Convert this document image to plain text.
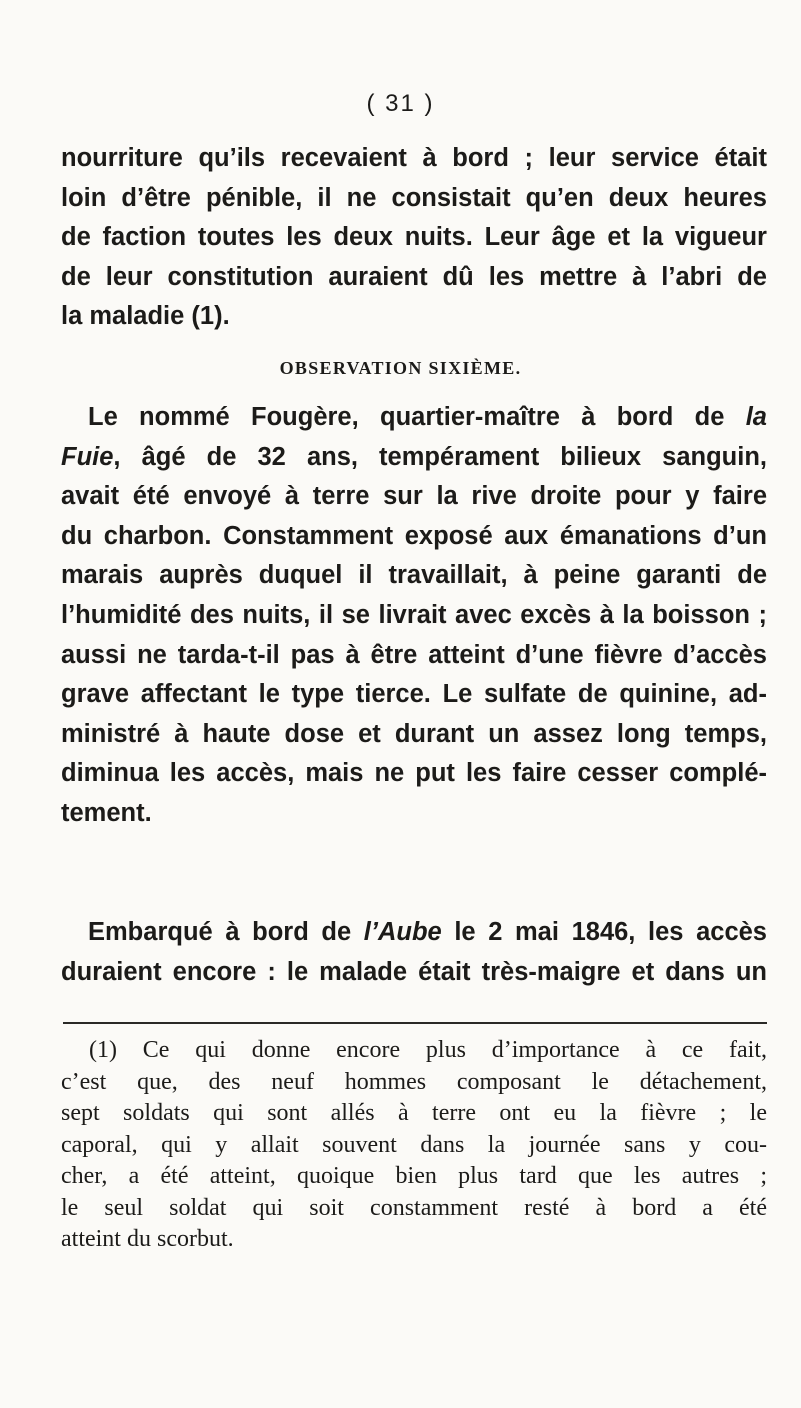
( 31 )
nourriture qu’ils recevaient à bord ; leur service était
loin d’être pénible, il ne consistait qu’en deux heures
de faction toutes les deux nuits. Leur âge et la vigueur
de leur constitution auraient dû les mettre à l’abri de
la maladie (1).
OBSERVATION SIXIÈME.
Le nommé Fougère, quartier-maître à bord de la
Fuie, âgé de 32 ans, tempérament bilieux sanguin,
avait été envoyé à terre sur la rive droite pour y faire
du charbon. Constamment exposé aux émanations d’un
marais auprès duquel il travaillait, à peine garanti de
l’humidité des nuits, il se livrait avec excès à la boisson ;
aussi ne tarda-t-il pas à être atteint d’une fièvre d’accès
grave affectant le type tierce. Le sulfate de quinine, ad-
ministré à haute dose et durant un assez long temps,
diminua les accès, mais ne put les faire cesser complé-
tement.
Embarqué à bord de l’Aube le 2 mai 1846, les accès
duraient encore : le malade était très-maigre et dans un
(1) Ce qui donne encore plus d’importance à ce fait,
c’est que, des neuf hommes composant le détachement,
sept soldats qui sont allés à terre ont eu la fièvre ; le
caporal, qui y allait souvent dans la journée sans y cou-
cher, a été atteint, quoique bien plus tard que les autres ;
le seul soldat qui soit constamment resté à bord a été
atteint du scorbut.
